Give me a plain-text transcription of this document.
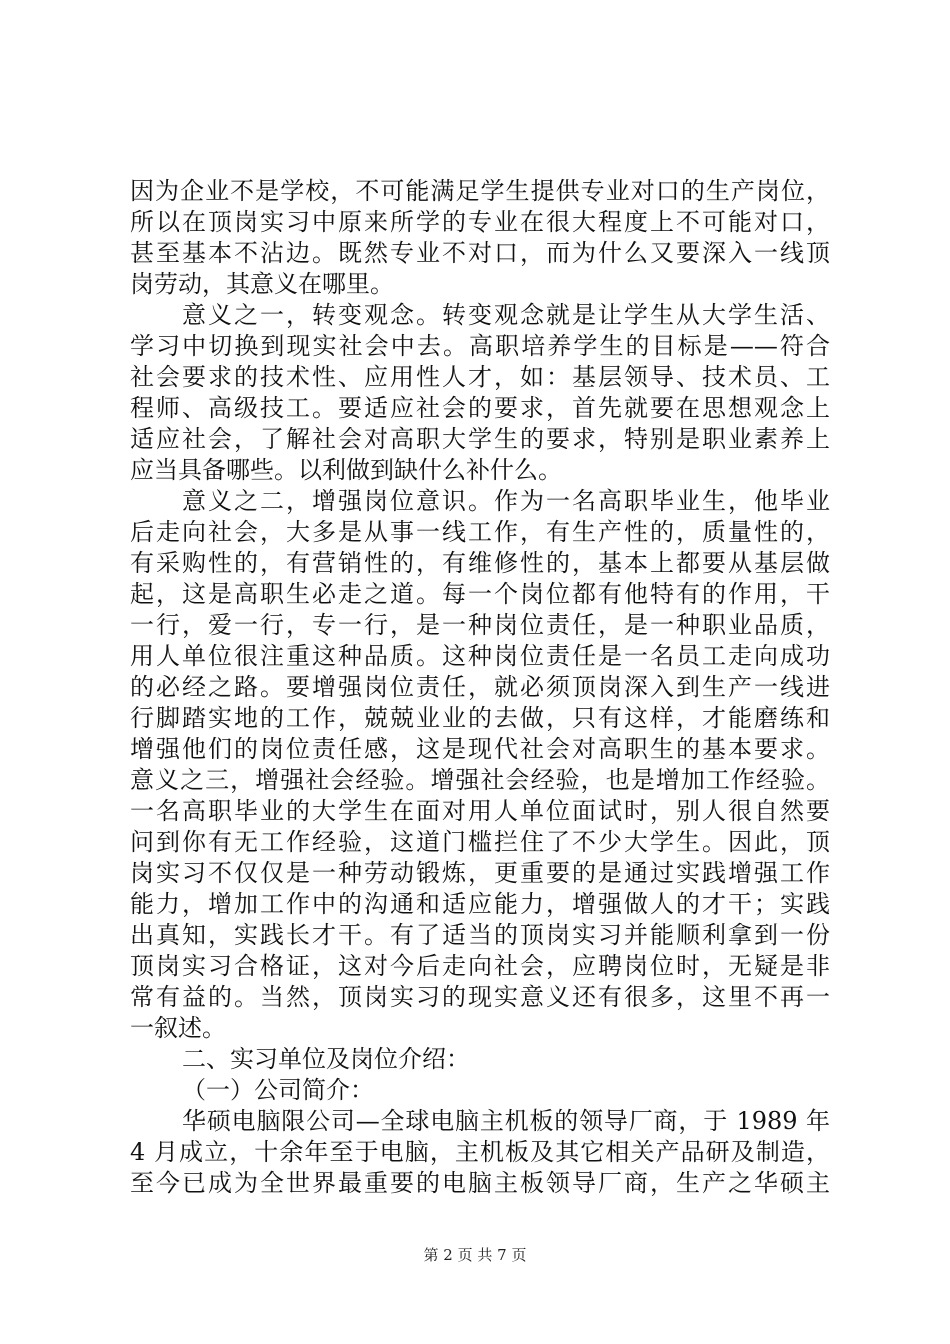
因为企业不是学校，不可能满足学生提供专业对口的生产岗位，
所以在顶岗实习中原来所学的专业在很大程度上不可能对口，
甚至基本不沾边。既然专业不对口，而为什么又要深入一线顶
岗劳动，其意义在哪里。
意义之一，转变观念。转变观念就是让学生从大学生活、
学习中切换到现实社会中去。高职培养学生的目标是——符合
社会要求的技术性、应用性人才，如：基层领导、技术员、工
程师、高级技工。要适应社会的要求，首先就要在思想观念上
适应社会，了解社会对高职大学生的要求，特别是职业素养上
应当具备哪些。以利做到缺什么补什么。
意义之二，增强岗位意识。作为一名高职毕业生，他毕业
后走向社会，大多是从事一线工作，有生产性的，质量性的，
有采购性的，有营销性的，有维修性的，基本上都要从基层做
起，这是高职生必走之道。每一个岗位都有他特有的作用，干
一行，爱一行，专一行，是一种岗位责任，是一种职业品质，
用人单位很注重这种品质。这种岗位责任是一名员工走向成功
的必经之路。要增强岗位责任，就必须顶岗深入到生产一线进
行脚踏实地的工作，兢兢业业的去做，只有这样，才能磨练和
增强他们的岗位责任感，这是现代社会对高职生的基本要求。
意义之三，增强社会经验。增强社会经验，也是增加工作经验。
一名高职毕业的大学生在面对用人单位面试时，别人很自然要
问到你有无工作经验，这道门槛拦住了不少大学生。因此，顶
岗实习不仅仅是一种劳动锻炼，更重要的是通过实践增强工作
能力，增加工作中的沟通和适应能力，增强做人的才干；实践
出真知，实践长才干。有了适当的顶岗实习并能顺利拿到一份
顶岗实习合格证，这对今后走向社会，应聘岗位时，无疑是非
常有益的。当然，顶岗实习的现实意义还有很多，这里不再一
一叙述。
二、实习单位及岗位介绍：
（一）公司简介：
华硕电脑限公司—全球电脑主机板的领导厂商，于 1989 年
4 月成立，十余年至于电脑，主机板及其它相关产品研及制造，
至今已成为全世界最重要的电脑主板领导厂商，生产之华硕主
第 2 页 共 7 页
